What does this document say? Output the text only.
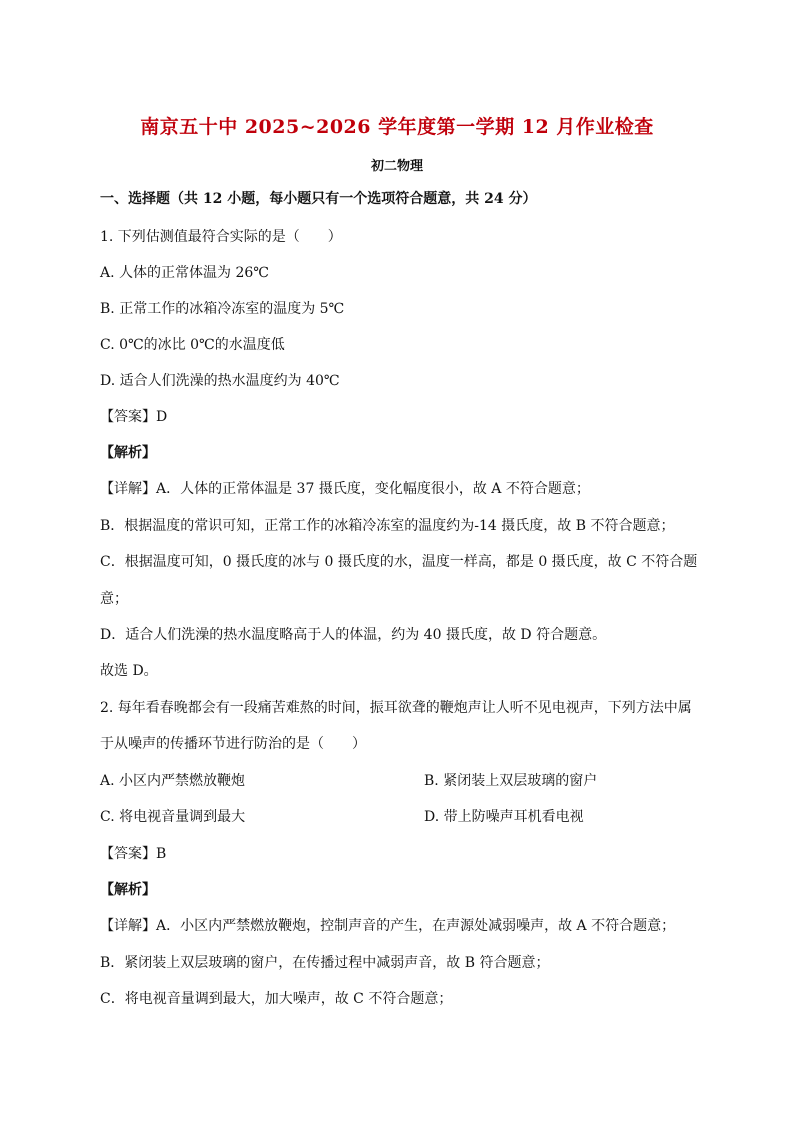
南京五十中 2025~2026 学年度第一学期 12 月作业检查
初二物理
一、选择题（共 12 小题，每小题只有一个选项符合题意，共 24 分）
1. 下列估测值最符合实际的是（　　）
A. 人体的正常体温为 26℃
B. 正常工作的冰箱冷冻室的温度为 5℃
C. 0℃的冰比 0℃的水温度低
D. 适合人们洗澡的热水温度约为 40℃
【答案】D
【解析】
【详解】A．人体的正常体温是 37 摄氏度，变化幅度很小，故 A 不符合题意；
B．根据温度的常识可知，正常工作的冰箱冷冻室的温度约为-14 摄氏度，故 B 不符合题意；
C．根据温度可知，0 摄氏度的冰与 0 摄氏度的水，温度一样高，都是 0 摄氏度，故 C 不符合题
意；
D．适合人们洗澡的热水温度略高于人的体温，约为 40 摄氏度，故 D 符合题意。
故选 D。
2. 每年看春晚都会有一段痛苦难熬的时间，振耳欲聋的鞭炮声让人听不见电视声，下列方法中属
于从噪声的传播环节进行防治的是（　　）
A. 小区内严禁燃放鞭炮	B. 紧闭装上双层玻璃的窗户
C. 将电视音量调到最大	D. 带上防噪声耳机看电视
【答案】B
【解析】
【详解】A．小区内严禁燃放鞭炮，控制声音的产生，在声源处减弱噪声，故 A 不符合题意；
B．紧闭装上双层玻璃的窗户，在传播过程中减弱声音，故 B 符合题意；
C．将电视音量调到最大，加大噪声，故 C 不符合题意；
